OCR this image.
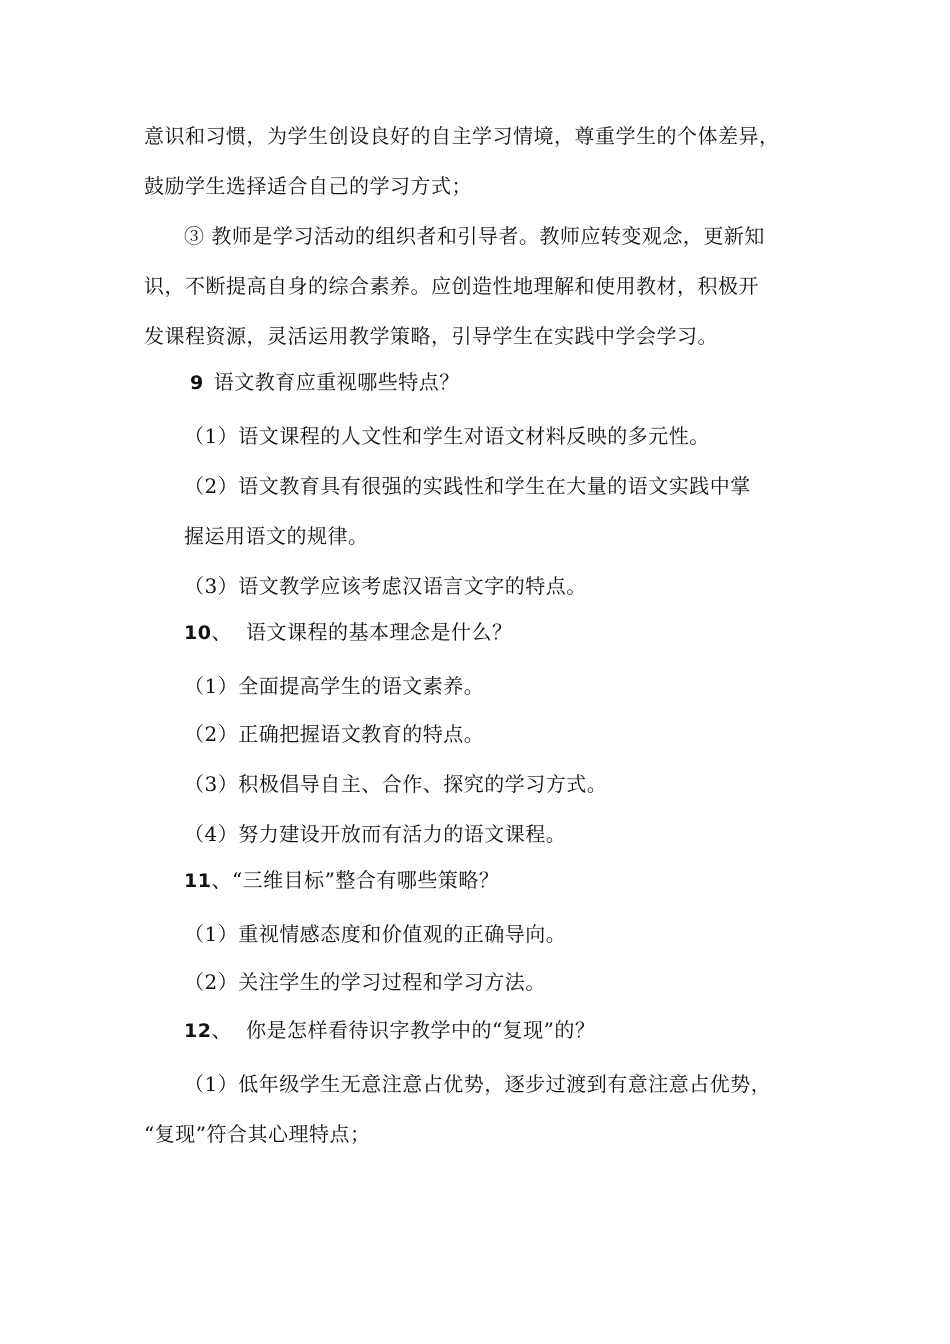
意识和习惯，为学生创设良好的自主学习情境，尊重学生的个体差异，
鼓励学生选择适合自己的学习方式；
③ 教师是学习活动的组织者和引导者。教师应转变观念，更新知
识，不断提高自身的综合素养。应创造性地理解和使用教材，积极开
发课程资源，灵活运用教学策略，引导学生在实践中学会学习。
9 语文教育应重视哪些特点？
（1）语文课程的人文性和学生对语文材料反映的多元性。
（2）语文教育具有很强的实践性和学生在大量的语文实践中掌
握运用语文的规律。
（3）语文教学应该考虑汉语言文字的特点。
10、 语文课程的基本理念是什么？
（1）全面提高学生的语文素养。
（2）正确把握语文教育的特点。
（3）积极倡导自主、合作、探究的学习方式。
（4）努力建设开放而有活力的语文课程。
11、“三维目标”整合有哪些策略？
（1）重视情感态度和价值观的正确导向。
（2）关注学生的学习过程和学习方法。
12、 你是怎样看待识字教学中的“复现”的？
（1）低年级学生无意注意占优势，逐步过渡到有意注意占优势，
“复现”符合其心理特点；
